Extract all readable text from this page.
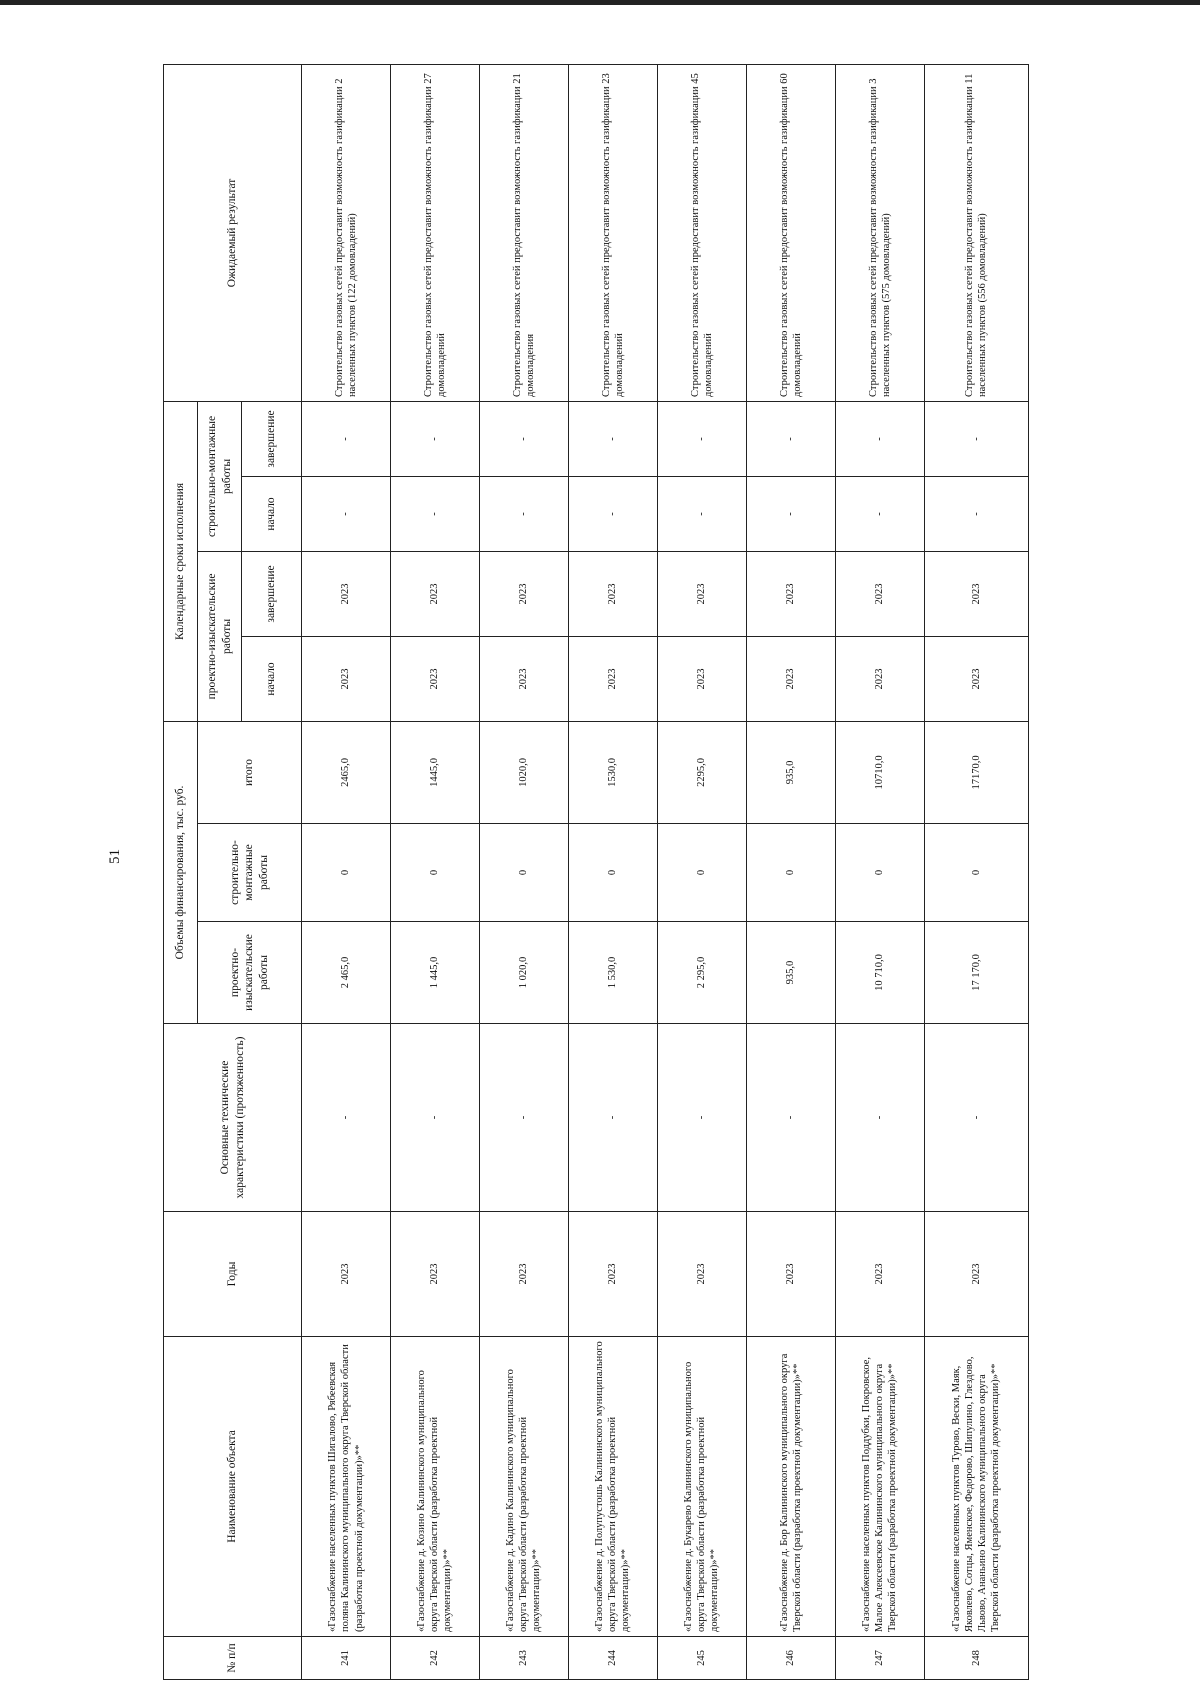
51
№ п/п	Наименование объекта	Годы	Основные технические характеристики (протяженность)	Объемы финансирования, тыс. руб.			Календарные сроки исполнения				Ожидаемый результат
				проектно-изыскательские работы	строительно-монтажные работы	итого	проектно-изыскательские работы		строительно-монтажные работы		
							начало	завершение	начало	завершение	
241	«Газоснабжение населенных пунктов Шигалово, Рябеевская поляна Калининского муниципального округа Тверской области (разработка проектной документации)»**	2023	-	2 465,0	0	2465,0	2023	2023	-	-	Строительство газовых сетей предоставит возможность газификации 2 населенных пунктов (122 домовладений)
242	«Газоснабжение д. Козино Калининского муниципального округа Тверской области (разработка проектной документации)»**	2023	-	1 445,0	0	1445,0	2023	2023	-	-	Строительство газовых сетей предоставит возможность газификации 27 домовладений
243	«Газоснабжение д. Кадино Калининского муниципального округа Тверской области (разработка проектной документации)»**	2023	-	1 020,0	0	1020,0	2023	2023	-	-	Строительство газовых сетей предоставит возможность газификации 21 домовладения
244	«Газоснабжение д. Полупустошь Калининского муниципального округа Тверской области (разработка проектной документации)»**	2023	-	1 530,0	0	1530,0	2023	2023	-	-	Строительство газовых сетей предоставит возможность газификации 23 домовладений
245	«Газоснабжение д. Букарево Калининского муниципального округа Тверской области (разработка проектной документации)»**	2023	-	2 295,0	0	2295,0	2023	2023	-	-	Строительство газовых сетей предоставит возможность газификации 45 домовладений
246	«Газоснабжение д. Бор Калининского муниципального округа Тверской области (разработка проектной документации)»**	2023	-	935,0	0	935,0	2023	2023	-	-	Строительство газовых сетей предоставит возможность газификации 60 домовладений
247	«Газоснабжение населенных пунктов Поддубки, Покровское, Малое Алексеевское Калининского муниципального округа Тверской области (разработка проектной документации)»**	2023	-	10 710,0	0	10710,0	2023	2023	-	-	Строительство газовых сетей предоставит возможность газификации 3 населенных пунктов (575 домовладений)
248	«Газоснабжение населенных пунктов Турово, Вески, Маяк, Яковлево, Сотцы, Яменское, Федорово, Шипулино, Глездово, Львово, Ананьино Калининского муниципального округа Тверской области (разработка проектной документации)»**	2023	-	17 170,0	0	17170,0	2023	2023	-	-	Строительство газовых сетей предоставит возможность газификации 11 населенных пунктов (556 домовладений)
